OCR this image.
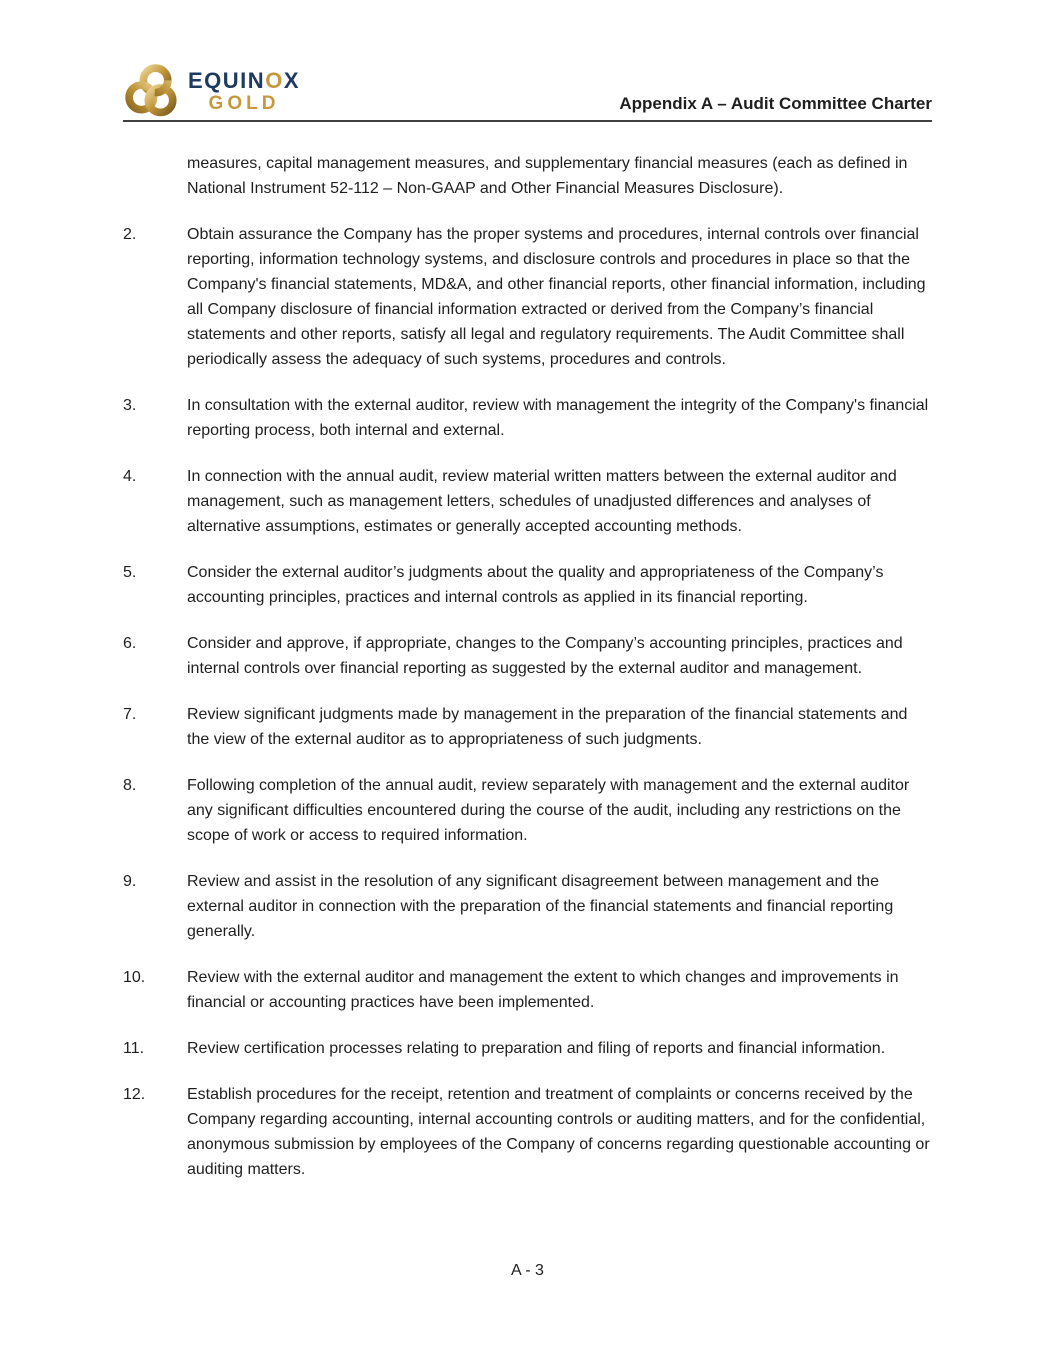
EQUINOX
GOLD	Appendix A – Audit Committee Charter

measures, capital management measures, and supplementary financial measures (each as defined in National Instrument 52-112 – Non-GAAP and Other Financial Measures Disclosure).

2.	Obtain assurance the Company has the proper systems and procedures, internal controls over financial reporting, information technology systems, and disclosure controls and procedures in place so that the Company's financial statements, MD&A, and other financial reports, other financial information, including all Company disclosure of financial information extracted or derived from the Company’s financial statements and other reports, satisfy all legal and regulatory requirements. The Audit Committee shall periodically assess the adequacy of such systems, procedures and controls.
3.	In consultation with the external auditor, review with management the integrity of the Company's financial reporting process, both internal and external.
4.	In connection with the annual audit, review material written matters between the external auditor and management, such as management letters, schedules of unadjusted differences and analyses of alternative assumptions, estimates or generally accepted accounting methods.
5.	Consider the external auditor’s judgments about the quality and appropriateness of the Company’s accounting principles, practices and internal controls as applied in its financial reporting.
6.	Consider and approve, if appropriate, changes to the Company’s accounting principles, practices and internal controls over financial reporting as suggested by the external auditor and management.
7.	Review significant judgments made by management in the preparation of the financial statements and the view of the external auditor as to appropriateness of such judgments.
8.	Following completion of the annual audit, review separately with management and the external auditor any significant difficulties encountered during the course of the audit, including any restrictions on the scope of work or access to required information.
9.	Review and assist in the resolution of any significant disagreement between management and the external auditor in connection with the preparation of the financial statements and financial reporting generally.
10.	Review with the external auditor and management the extent to which changes and improvements in financial or accounting practices have been implemented.
11.	Review certification processes relating to preparation and filing of reports and financial information.
12.	Establish procedures for the receipt, retention and treatment of complaints or concerns received by the Company regarding accounting, internal accounting controls or auditing matters, and for the confidential, anonymous submission by employees of the Company of concerns regarding questionable accounting or auditing matters.
A - 3
